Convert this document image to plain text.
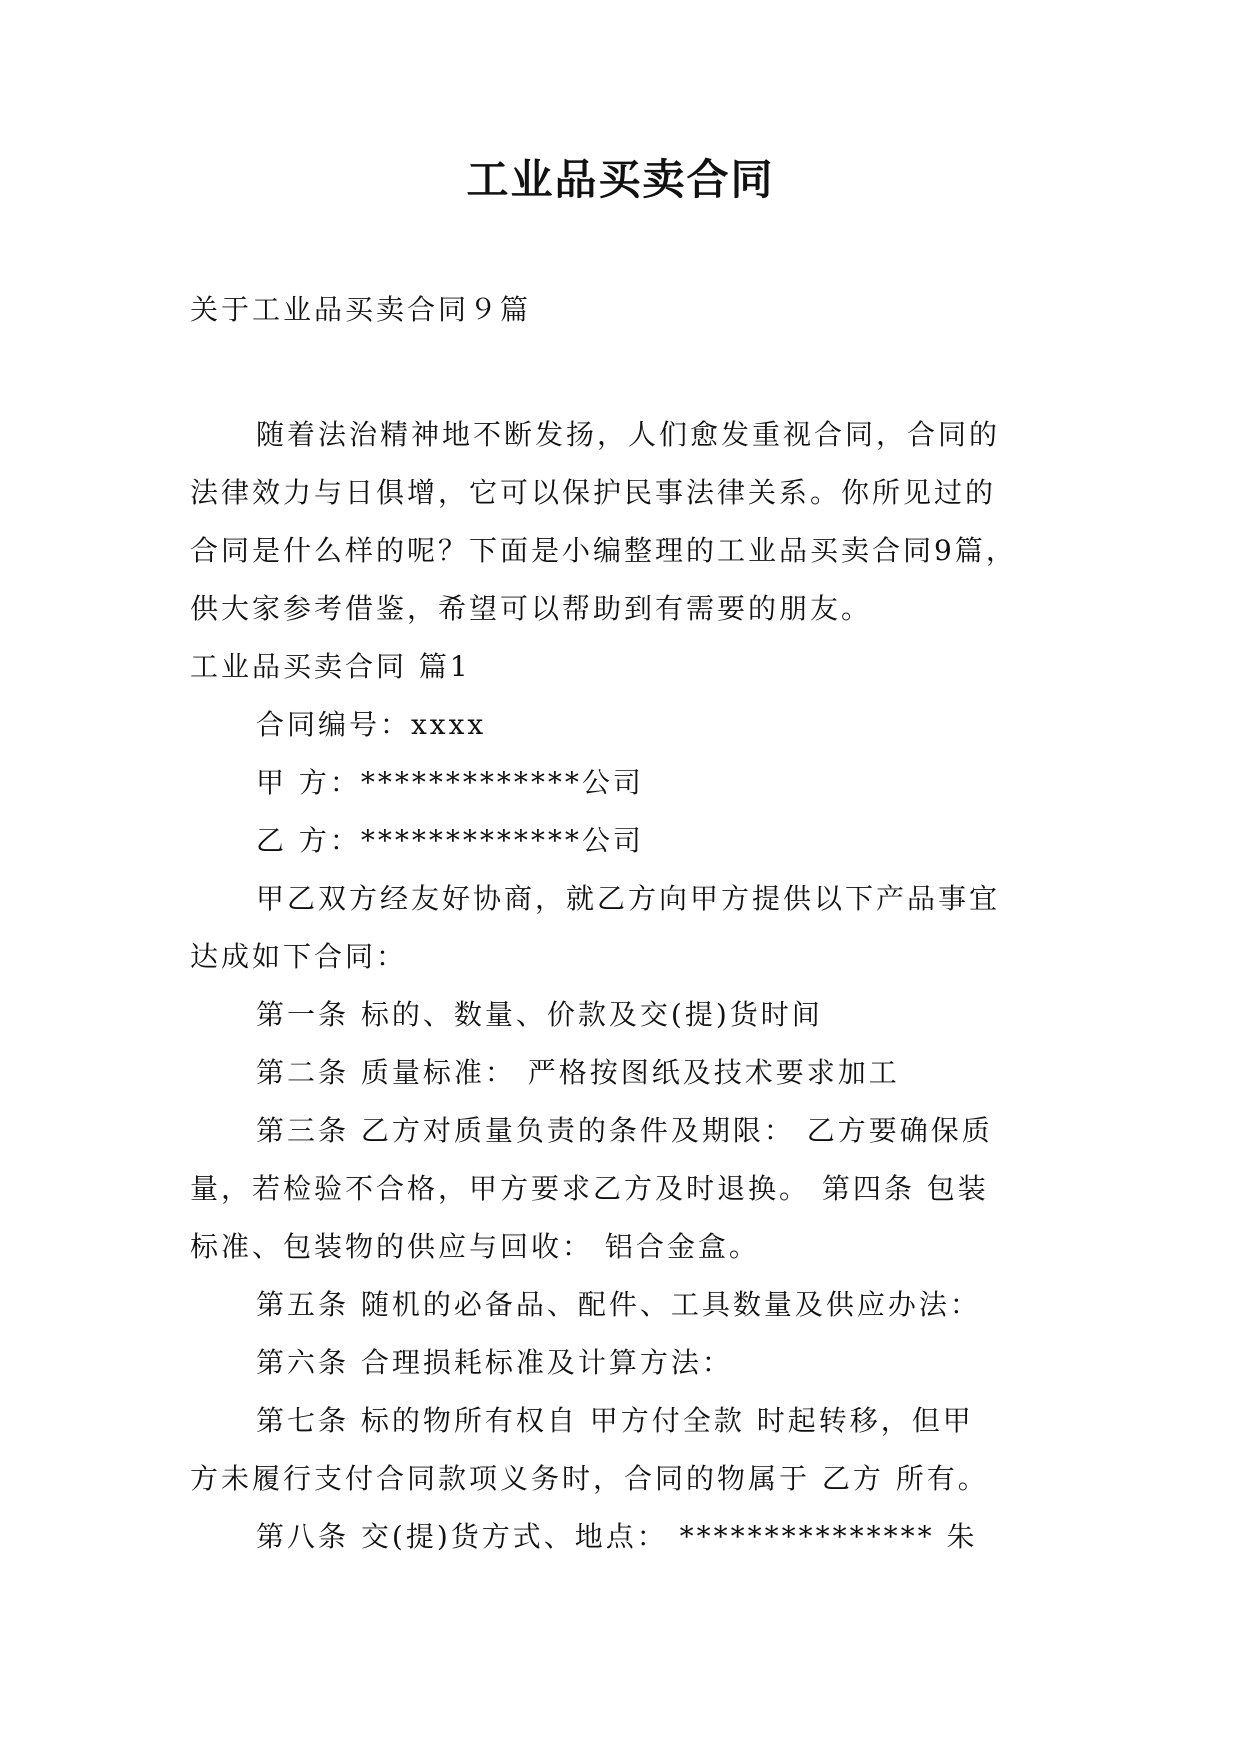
工业品买卖合同
关于工业品买卖合同９篇
随着法治精神地不断发扬，人们愈发重视合同，合同的
法律效力与日俱增，它可以保护民事法律关系。你所见过的
合同是什么样的呢？下面是小编整理的工业品买卖合同9篇，
供大家参考借鉴，希望可以帮助到有需要的朋友。
工业品买卖合同 篇1
合同编号：xxxx
甲 方：*************公司
乙 方：*************公司
甲乙双方经友好协商，就乙方向甲方提供以下产品事宜
达成如下合同：
第一条 标的、数量、价款及交(提)货时间
第二条 质量标准： 严格按图纸及技术要求加工
第三条 乙方对质量负责的条件及期限： 乙方要确保质
量，若检验不合格，甲方要求乙方及时退换。 第四条 包装
标准、包装物的供应与回收： 铝合金盒。
第五条 随机的必备品、配件、工具数量及供应办法：
第六条 合理损耗标准及计算方法：
第七条 标的物所有权自 甲方付全款 时起转移，但甲
方未履行支付合同款项义务时，合同的物属于 乙方 所有。
第八条 交(提)货方式、地点： *************** 朱
